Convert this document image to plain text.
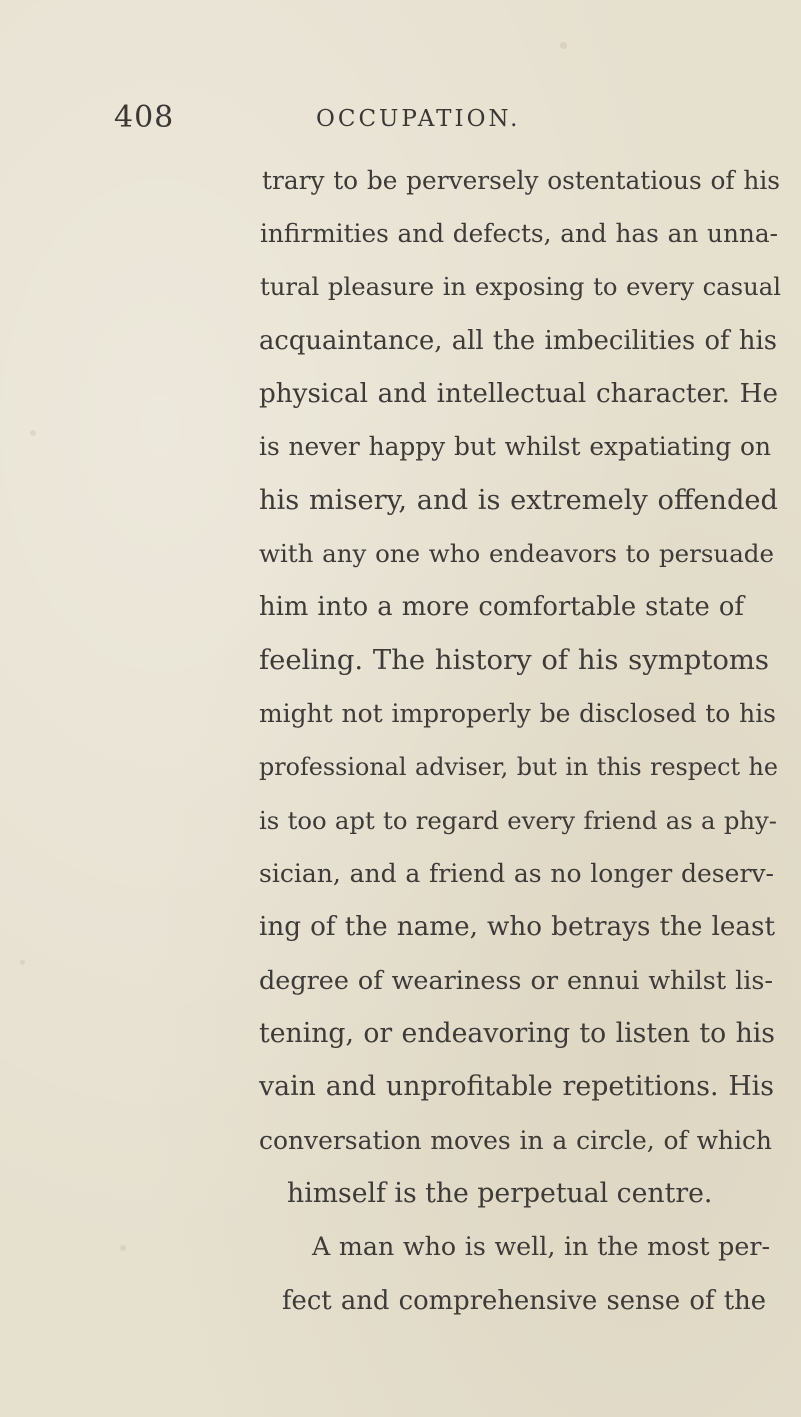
408	OCCUPATION.
trary to be perversely ostentatious of his
infirmities and defects, and has an unna-
tural pleasure in exposing to every casual
acquaintance, all the imbecilities of his
physical and intellectual character. He
is never happy but whilst expatiating on
his misery, and is extremely offended
with any one who endeavors to persuade
him into a more comfortable state of
feeling. The history of his symptoms
might not improperly be disclosed to his
professional adviser, but in this respect he
is too apt to regard every friend as a phy-
sician, and a friend as no longer deserv-
ing of the name, who betrays the least
degree of weariness or ennui whilst lis-
tening, or endeavoring to listen to his
vain and unprofitable repetitions. His
conversation moves in a circle, of which
himself is the perpetual centre.
A man who is well, in the most per-
fect and comprehensive sense of the
